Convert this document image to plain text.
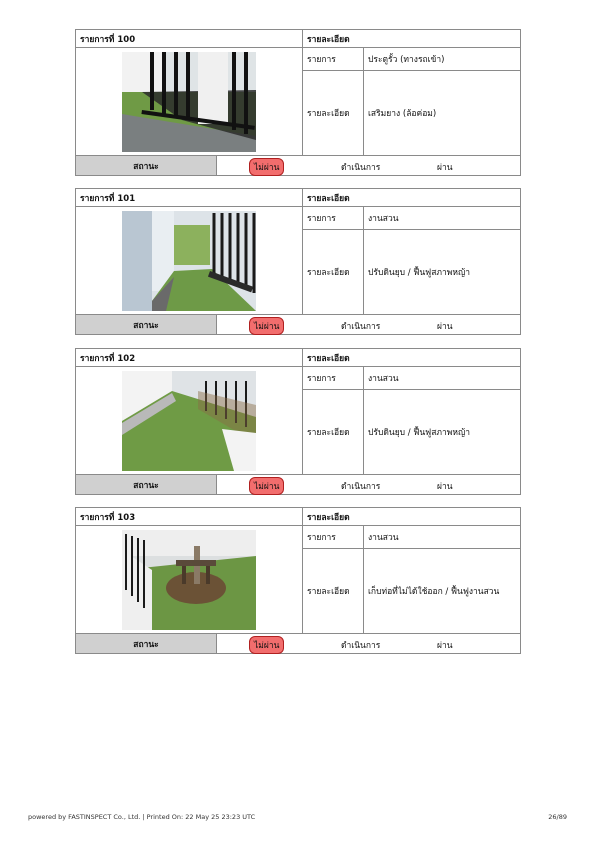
รายการที่ 100		รายละเอียด	

	รายการ	ประตูรั้ว (ทางรถเข้า)
		รายละเอียด	เสริมยาง (ล้อค่อม)
สถานะ	ไม่ผ่าน ดำเนินการ ผ่าน		
รายการที่ 101		รายละเอียด	

	รายการ	งานสวน
		รายละเอียด	ปรับดินยุบ / ฟื้นฟูสภาพหญ้า
สถานะ	ไม่ผ่าน ดำเนินการ ผ่าน		
รายการที่ 102		รายละเอียด	

	รายการ	งานสวน
		รายละเอียด	ปรับดินยุบ / ฟื้นฟูสภาพหญ้า
สถานะ	ไม่ผ่าน ดำเนินการ ผ่าน		
รายการที่ 103		รายละเอียด	

	รายการ	งานสวน
		รายละเอียด	เก็บท่อที่ไม่ได้ใช้ออก / ฟื้นฟูงานสวน
สถานะ	ไม่ผ่าน ดำเนินการ ผ่าน		
powered by FASTINSPECT Co., Ltd. | Printed On: 22 May 25 23:23 UTC	26/89
